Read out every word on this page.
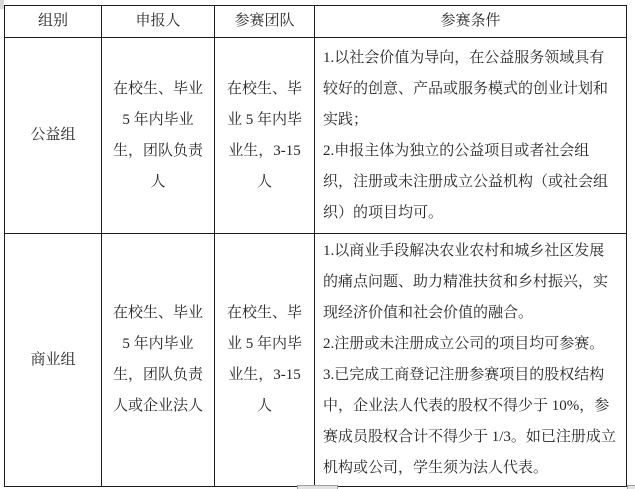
组别	申报人	参赛团队	参赛条件
公益组	在校生、毕业 5 年内毕业生，团队负责人	在校生、毕业 5 年内毕业生，3-15 人	1.以社会价值为导向，在公益服务领域具有较好的创意、产品或服务模式的创业计划和实践；
2.申报主体为独立的公益项目或者社会组织，注册或未注册成立公益机构（或社会组织）的项目均可。

商业组	在校生、毕业 5 年内毕业生，团队负责人或企业法人	在校生、毕业 5 年内毕业生，3-15 人	1.以商业手段解决农业农村和城乡社区发展的痛点问题、助力精准扶贫和乡村振兴，实现经济价值和社会价值的融合。
2.注册或未注册成立公司的项目均可参赛。
3.已完成工商登记注册参赛项目的股权结构中，企业法人代表的股权不得少于 10%，参赛成员股权合计不得少于 1/3。如已注册成立机构或公司，学生须为法人代表。
